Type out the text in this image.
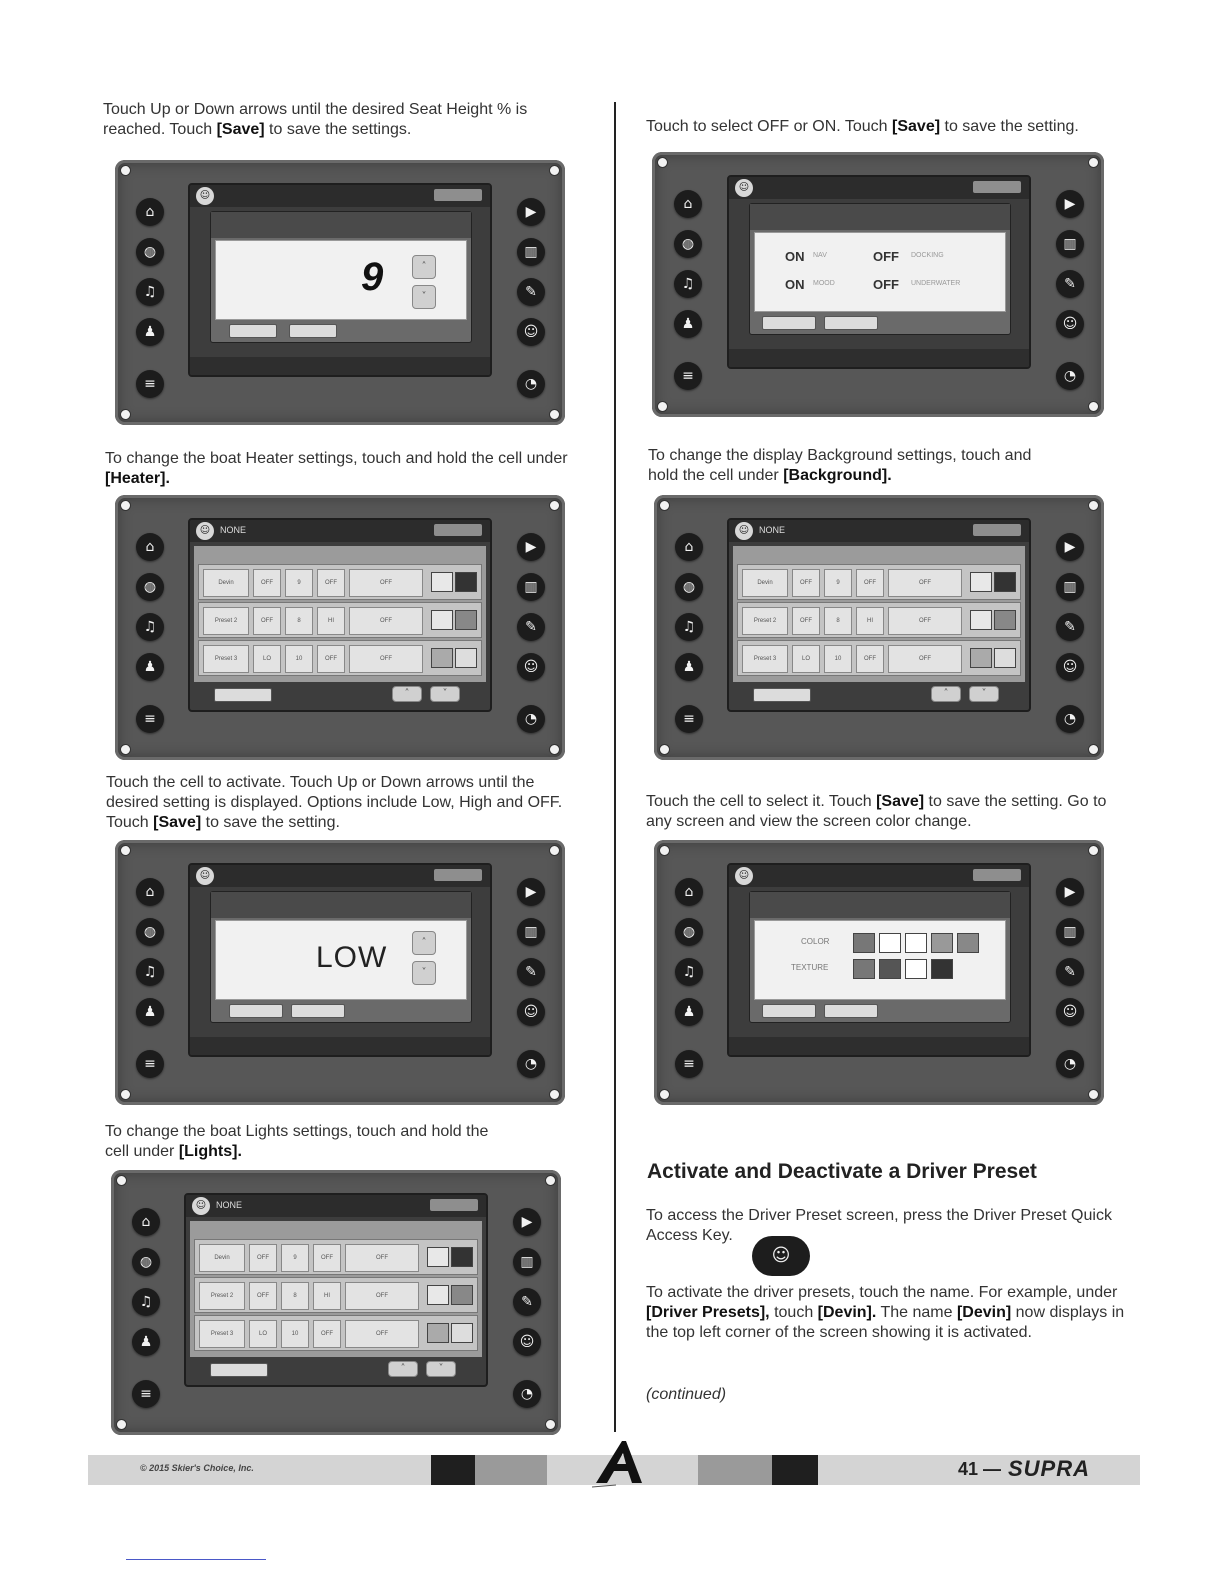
Touch Up or Down arrows until the desired Seat Height % is reached. Touch [Save] to save the settings.

⌂
◍
♫
♟
≡
▶
▥
✎
☺
◔
☺
9	˄
˅

To change the boat Heater settings, touch and hold the cell under [Heater].

⌂
◍
♫
♟
≡
▶
▥
✎
☺
◔
☺	NONE
Devin	OFF	9	OFF	OFF
Preset 2	OFF	8	HI	OFF
Preset 3	LO	10	OFF	OFF
˄	˅

Touch the cell to activate. Touch Up or Down arrows until the desired setting is displayed. Options include Low, High and OFF. Touch [Save] to save the setting.

⌂
◍
♫
♟
≡
▶
▥
✎
☺
◔
☺
LOW	˄
˅

To change the boat Lights settings, touch and hold the cell under [Lights].

⌂
◍
♫
♟
≡
▶
▥
✎
☺
◔
☺	NONE
Devin	OFF	9	OFF	OFF
Preset 2	OFF	8	HI	OFF
Preset 3	LO	10	OFF	OFF
˄	˅

Touch to select OFF or ON. Touch [Save] to save the setting.

⌂
◍
♫
♟
≡
▶
▥
✎
☺
◔
☺
ON NAV	OFF DOCKING
ON MOOD	OFF UNDERWATER

To change the display Background settings, touch and hold the cell under [Background].

⌂
◍
♫
♟
≡
▶
▥
✎
☺
◔
☺	NONE
Devin	OFF	9	OFF	OFF
Preset 2	OFF	8	HI	OFF
Preset 3	LO	10	OFF	OFF
˄	˅

Touch the cell to select it. Touch [Save] to save the setting. Go to any screen and view the screen color change.

⌂
◍
♫
♟
≡
▶
▥
✎
☺
◔
☺
COLOR
TEXTURE
Activate and Deactivate a Driver Preset

To access the Driver Preset screen, press the Driver Preset Quick Access Key.

☺

To activate the driver presets, touch the name. For example, under [Driver Presets], touch [Devin]. The name [Devin] now displays in the top left corner of the screen showing it is activated.

(continued)

© 2015 Skier's Choice, Inc.	41 — SUPRA
